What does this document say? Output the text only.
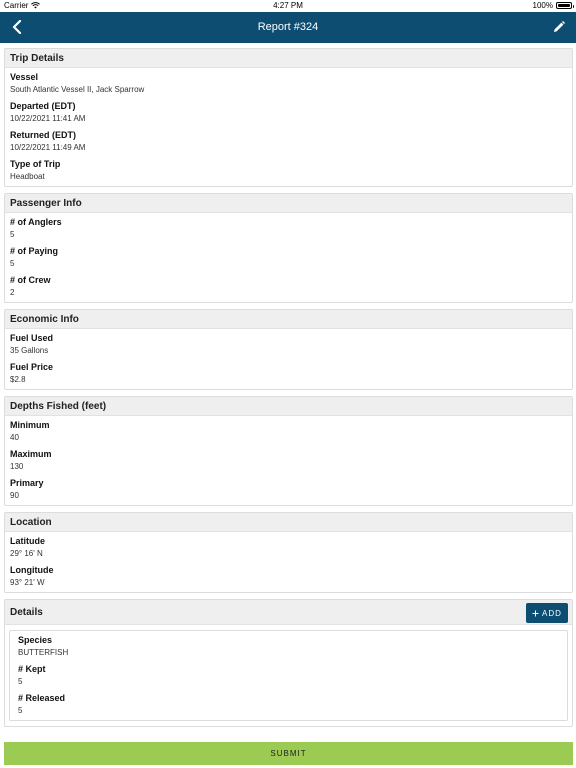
Carrier	4:27 PM	100%
Report #324
Trip Details
Vessel
South Atlantic Vessel II, Jack Sparrow
Departed (EDT)
10/22/2021 11:41 AM
Returned (EDT)
10/22/2021 11:49 AM
Type of Trip
Headboat
Passenger Info
# of Anglers
5
# of Paying
5
# of Crew
2
Economic Info
Fuel Used
35 Gallons
Fuel Price
$2.8
Depths Fished (feet)
Minimum
40
Maximum
130
Primary
90
Location
Latitude
29° 16' N
Longitude
93° 21' W
Details	ADD
Species
BUTTERFISH
# Kept
5
# Released
5
SUBMIT
